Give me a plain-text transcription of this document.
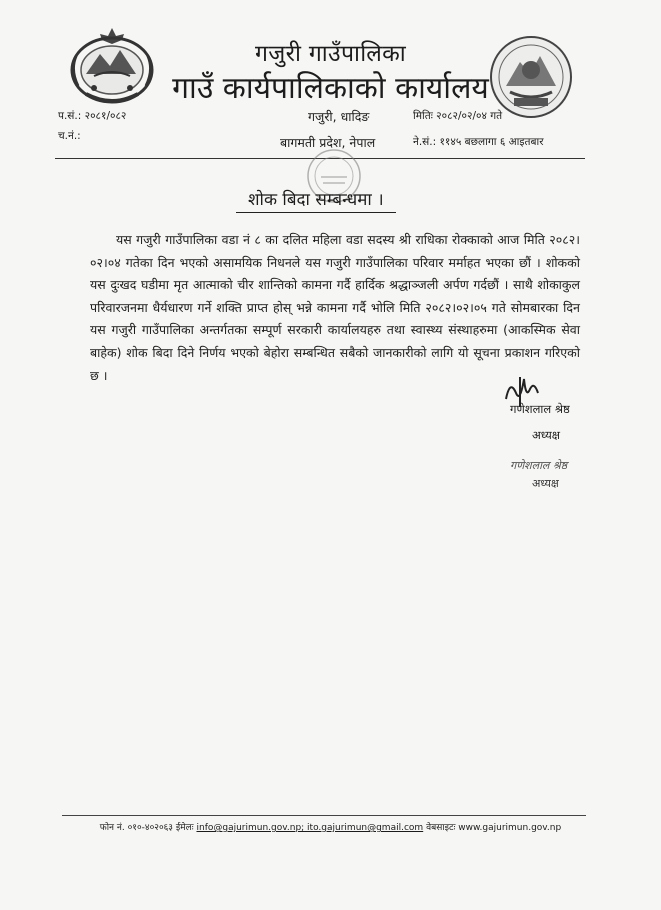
गजुरी गाउँपालिका
गाउँ कार्यपालिकाको कार्यालय
प.सं.: २०८१/०८२
च.नं.:
गजुरी, धादिङ
बागमती प्रदेश, नेपाल
मितिः २०८२/०२/०४ गते
ने.सं.: ११४५ बछलागा ६ आइतबार
शोक बिदा सम्बन्धमा ।

यस गजुरी गाउँपालिका वडा नं ८ का दलित महिला वडा सदस्य श्री राधिका रोक्काको आज मिति २०८२।०२।०४ गतेका दिन भएको असामयिक निधनले यस गजुरी गाउँपालिका परिवार मर्माहत भएका छौं । शोकको यस दुःखद घडीमा मृत आत्माको चीर शान्तिको कामना गर्दै हार्दिक श्रद्धाञ्जली अर्पण गर्दछौं । साथै शोकाकुल परिवारजनमा धैर्यधारण गर्ने शक्ति प्राप्त होस् भन्ने कामना गर्दै भोलि मिति २०८२।०२।०५ गते सोमबारका दिन यस गजुरी गाउँपालिका अन्तर्गतका सम्पूर्ण सरकारी कार्यालयहरु तथा स्वास्थ्य संस्थाहरुमा (आकस्मिक सेवा बाहेक) शोक बिदा दिने निर्णय भएको बेहोरा सम्बन्धित सबैको जानकारीको लागि यो सूचना प्रकाशन गरिएको छ ।

गणेशलाल श्रेष्ठ
अध्यक्ष
गणेशलाल श्रेष्ठ
अध्यक्ष
फोन नं. ०१०-४०२०६३ ईमेलः info@gajurimun.gov.np; ito.gajurimun@gmail.com वेबसाइटः www.gajurimun.gov.np
